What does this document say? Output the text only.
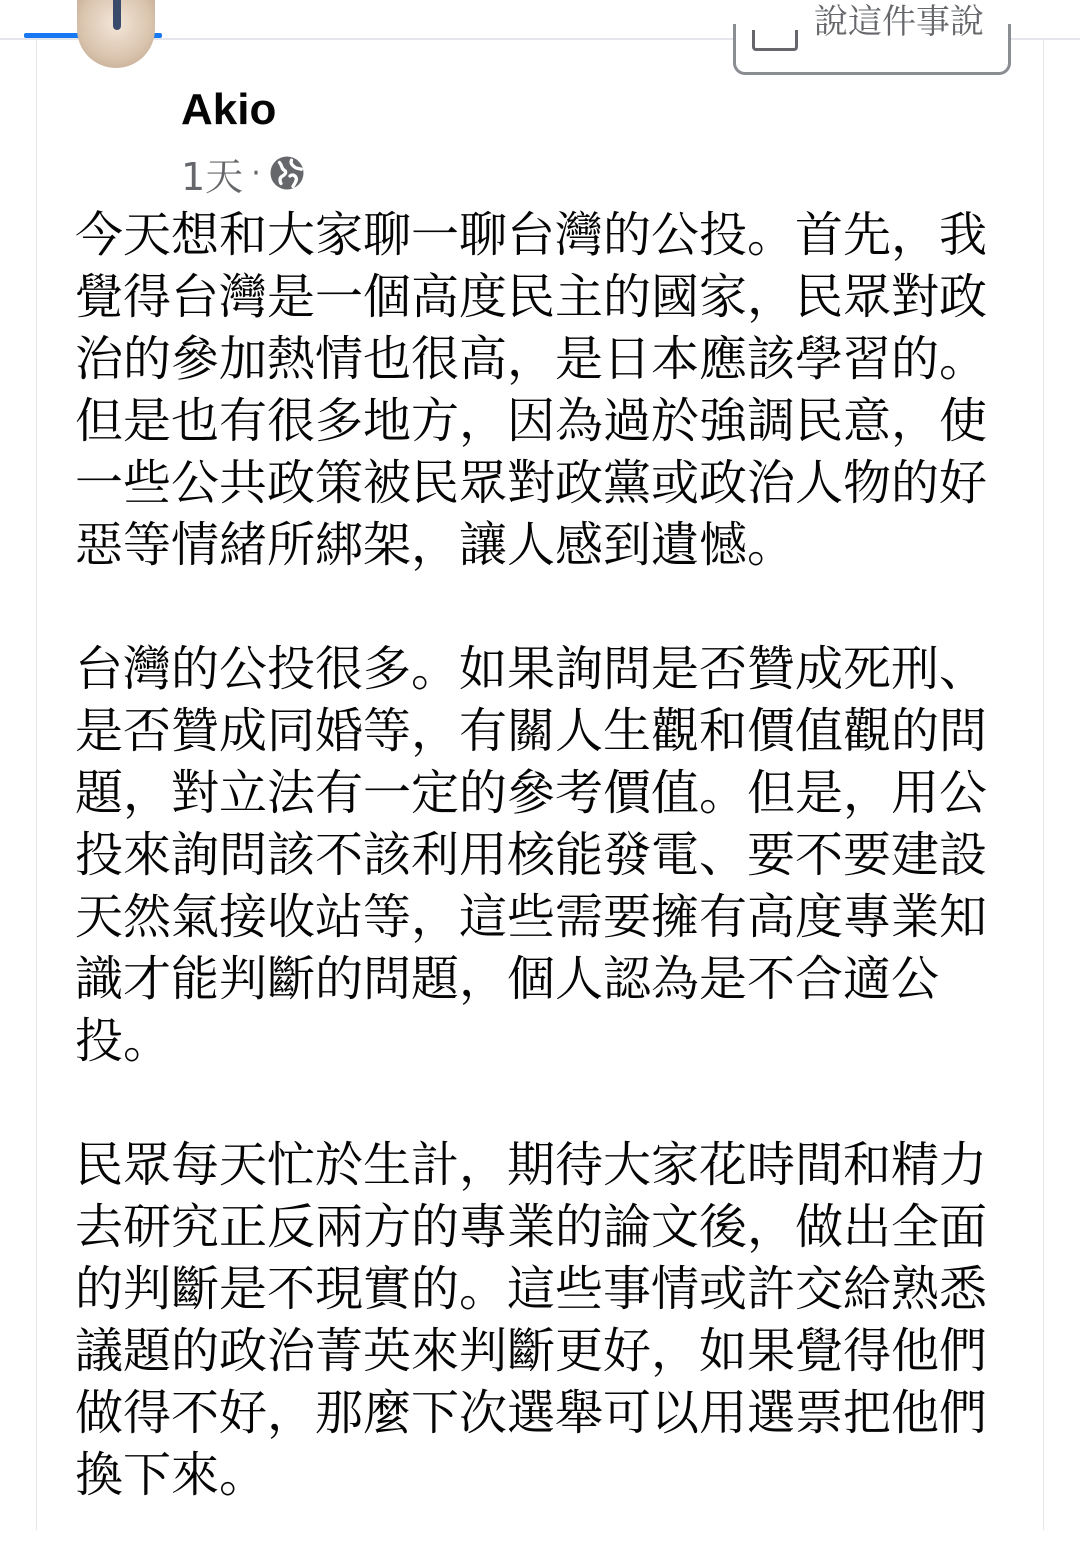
Akio
1天 ·
說這件事說

今天想和大家聊一聊台灣的公投。首先，我覺得台灣是一個高度民主的國家，民眾對政治的參加熱情也很高，是日本應該學習的。但是也有很多地方，因為過於強調民意，使一些公共政策被民眾對政黨或政治人物的好惡等情緒所綁架，讓人感到遺憾。

台灣的公投很多。如果詢問是否贊成死刑、是否贊成同婚等，有關人生觀和價值觀的問題，對立法有一定的參考價值。但是，用公投來詢問該不該利用核能發電、要不要建設天然氣接收站等，這些需要擁有高度專業知識才能判斷的問題，個人認為是不合適公投。

民眾每天忙於生計，期待大家花時間和精力去研究正反兩方的專業的論文後，做出全面的判斷是不現實的。這些事情或許交給熟悉議題的政治菁英來判斷更好，如果覺得他們做得不好，那麼下次選舉可以用選票把他們換下來。
